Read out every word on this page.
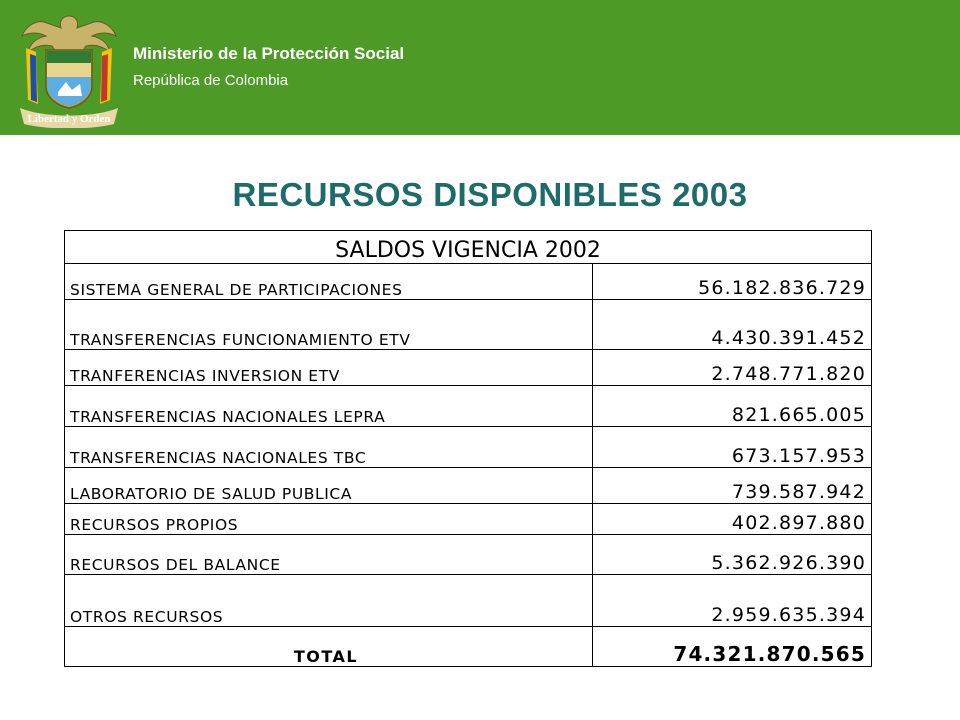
Libertad y Orden
Ministerio de la Protección Social
República de Colombia
RECURSOS DISPONIBLES 2003
SALDOS VIGENCIA 2002	
SISTEMA GENERAL DE PARTICIPACIONES	56.182.836.729
TRANSFERENCIAS FUNCIONAMIENTO ETV	4.430.391.452
TRANFERENCIAS INVERSION ETV	2.748.771.820
TRANSFERENCIAS NACIONALES LEPRA	821.665.005
TRANSFERENCIAS NACIONALES TBC	673.157.953
LABORATORIO DE SALUD PUBLICA	739.587.942
RECURSOS PROPIOS	402.897.880
RECURSOS DEL BALANCE	5.362.926.390
OTROS RECURSOS	2.959.635.394
TOTAL	74.321.870.565
